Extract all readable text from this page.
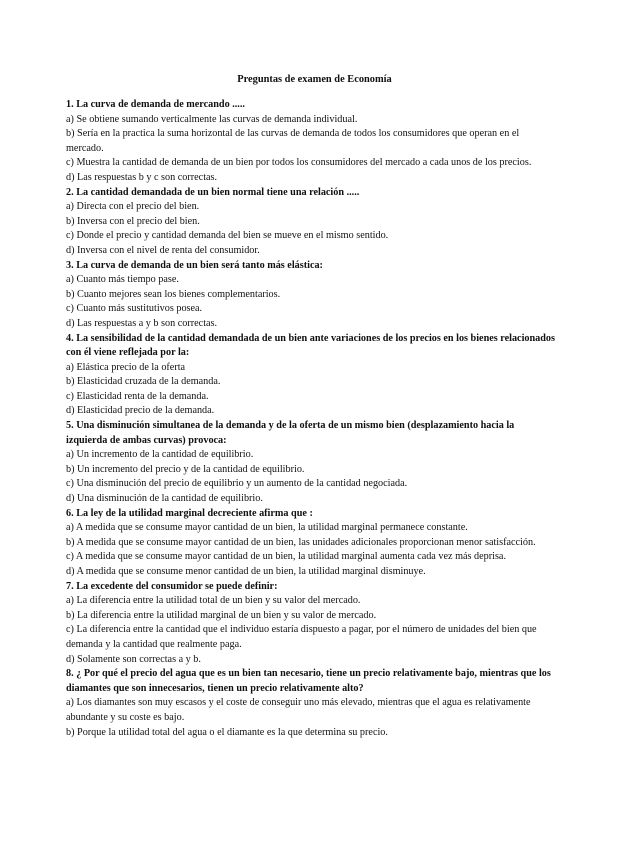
Preguntas de examen de Economía

1. La curva de demanda de mercando .....

a) Se obtiene sumando verticalmente las curvas de demanda individual.

b) Sería en la practica la suma horizontal de las curvas de demanda de todos los consumidores que operan en el mercado.

c) Muestra la cantidad de demanda de un bien por todos los consumidores del mercado a cada unos de los precios.

d) Las respuestas b y c son correctas.

2. La cantidad demandada de un bien normal tiene una relación .....

a) Directa con el precio del bien.

b) Inversa con el precio del bien.

c) Donde el precio y cantidad demanda del bien se mueve en el mismo sentido.

d) Inversa con el nivel de renta del consumidor.

3. La curva de demanda de un bien será tanto más elástica:

a) Cuanto más tiempo pase.

b) Cuanto mejores sean los bienes complementarios.

c) Cuanto más sustitutivos posea.

d) Las respuestas a y b son correctas.

4. La sensibilidad de la cantidad demandada de un bien ante variaciones de los precios en los bienes relacionados con él viene reflejada por la:

a) Elástica precio de la oferta

b) Elasticidad cruzada de la demanda.

c) Elasticidad renta de la demanda.

d) Elasticidad precio de la demanda.

5. Una disminución simultanea de la demanda y de la oferta de un mismo bien (desplazamiento hacia la izquierda de ambas curvas) provoca:

a) Un incremento de la cantidad de equilibrio.

b) Un incremento del precio y de la cantidad de equilibrio.

c) Una disminución del precio de equilibrio y un aumento de la cantidad negociada.

d) Una disminución de la cantidad de equilibrio.

6. La ley de la utilidad marginal decreciente afirma que :

a) A medida que se consume mayor cantidad de un bien, la utilidad marginal permanece constante.

b) A medida que se consume mayor cantidad de un bien, las unidades adicionales proporcionan menor satisfacción.

c) A medida que se consume mayor cantidad de un bien, la utilidad marginal aumenta cada vez más deprisa.

d) A medida que se consume menor cantidad de un bien, la utilidad marginal disminuye.

7. La excedente del consumidor se puede definir:

a) La diferencia entre la utilidad total de un bien y su valor del mercado.

b) La diferencia entre la utilidad marginal de un bien y su valor de mercado.

c) La diferencia entre la cantidad que el individuo estaría dispuesto a pagar, por el número de unidades del bien que demanda y la cantidad que realmente paga.

d) Solamente son correctas a y b.

8. ¿ Por qué el precio del agua que es un bien tan necesario, tiene un precio relativamente bajo, mientras que los diamantes que son innecesarios, tienen un precio relativamente alto?

a) Los diamantes son muy escasos y el coste de conseguir uno más elevado, mientras que el agua es relativamente abundante y su coste es bajo.

b) Porque la utilidad total del agua o el diamante es la que determina su precio.
